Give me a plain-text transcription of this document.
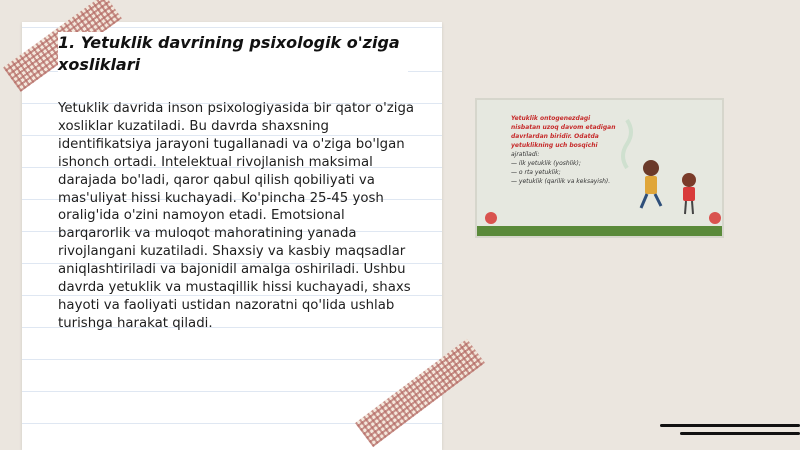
1. Yetuklik davrining psixologik o'ziga xosliklari

Yetuklik davrida inson psixologiyasida bir qator o'ziga xosliklar kuzatiladi. Bu davrda shaxsning identifikatsiya jarayoni tugallanadi va o'ziga bo'lgan ishonch ortadi. Intelektual rivojlanish maksimal darajada bo'ladi, qaror qabul qilish qobiliyati va mas'uliyat hissi kuchayadi. Ko'pincha 25-45 yosh oralig'ida o'zini namoyon etadi. Emotsional barqarorlik va muloqot mahoratining yanada rivojlangani kuzatiladi. Shaxsiy va kasbiy maqsadlar aniqlashtiriladi va bajonidil amalga oshiriladi. Ushbu davrda yetuklik va mustaqillik hissi kuchayadi, shaxs hayoti va faoliyati ustidan nazoratni qo'lida ushlab turishga harakat qiladi.

Yetuklik ontogenezdagi
nisbatan uzoq davom etadigan
davrlardan biridir. Odatda
yetuklikning uch bosqichi
ajratiladi:
— ilk yetuklik (yoshlik);
— o rta yetuklik;
— yetuklik (qarilik va keksayish).
